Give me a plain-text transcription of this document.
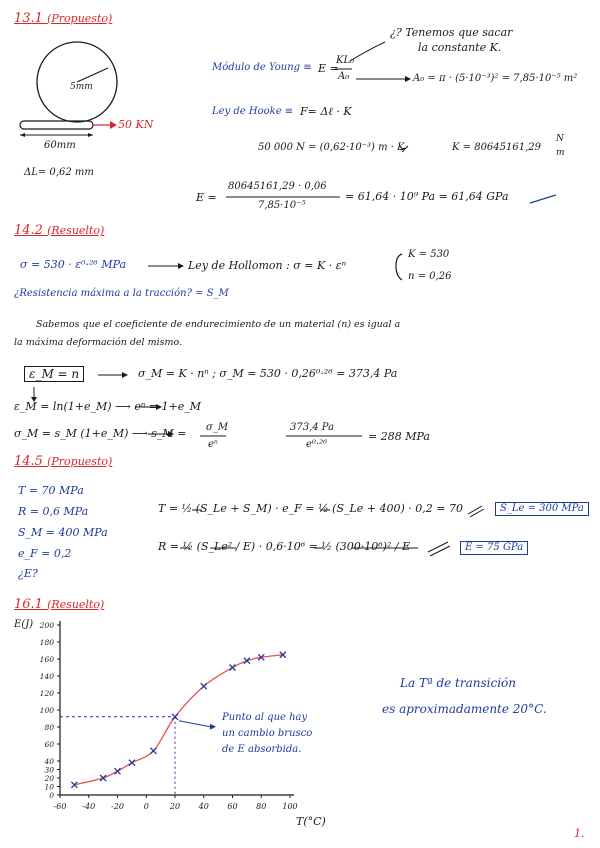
13.1 (Propuesto)
5mm
50 KN
60mm
ΔL= 0,62 mm
¿? Tenemos que sacar
la constante K.
Módulo de Young ≡ E =
KL₀
A₀	A₀ = π · (5·10⁻³)² = 7,85·10⁻⁵ m²
Ley de Hooke ≡ F= Δℓ · K
50 000 N = (0,62·10⁻³) m · K	K = 80645161,29
N
m
E =
80645161,29 · 0,06
7,85·10⁻⁵
= 61,64 · 10⁹ Pa = 61,64 GPa
14.2 (Resuelto)
σ = 530 · ε⁰·²⁶ MPa	Ley de Hollomon : σ = K · εⁿ
K = 530
n = 0,26
¿Resistencia máxima a la tracción? = S_M
Sabemos que el coeficiente de endurecimiento de un material (n) es igual a
la máxima deformación del mismo.
ε_M = n	σ_M = K · nⁿ ; σ_M = 530 · 0,26⁰·²⁶ = 373,4 Pa
ε_M = ln(1+e_M) ⟶ eⁿ = 1+e_M
σ_M = s_M (1+e_M) ⟶ s_M = σ_M
eⁿ
373,4 Pa
e⁰·²⁶
= 288 MPa
14.5 (Propuesto)
T = 70 MPa
R = 0,6 MPa
S_M = 400 MPa
e_F = 0,2
¿E?
T = ½ (S_Le + S_M) · e_F = ½ (S_Le + 400) · 0,2 = 70	S_Le = 300 MPa
R = ½ (S_Le² / E) · 0,6·10⁶ = ½ (300·10⁶)² / E	E = 75 GPa
16.1 (Resuelto)
-60 -40 -20 0	20 40 60 80 100
0
10
20
30
40
60
80
100
120
140
160
180
200
E(J)
T(°C)
Punto al que hay
un cambio brusco
de E absorbida.
La Tª de transición
es aproximadamente 20°C.
1.
